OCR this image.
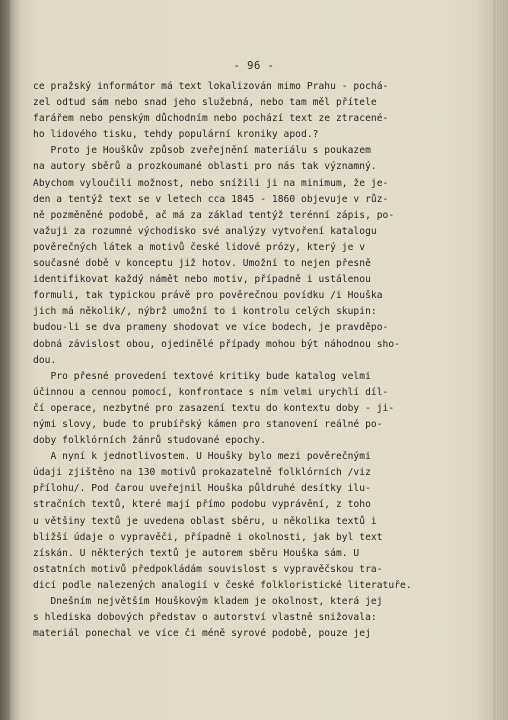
- 96 -
ce pražský informátor má text lokalizován mimo Prahu - pochá-
zel odtud sám nebo snad jeho služebná, nebo tam měl přítele
farářem nebo penským důchodním nebo pochází text ze ztracené-
ho lidového tisku, tehdy populární kroniky apod.?
Proto je Houškův způsob zveřejnění materiálu s poukazem
na autory sběrů a prozkoumané oblasti pro nás tak významný.
Abychom vyloučili možnost, nebo snížili ji na minimum, že je-
den a tentýž text se v letech cca 1845 - 1860 objevuje v růz-
ně pozměněné podobě, ač má za základ tentýž terénní zápis, po-
važuji za rozumné východisko své analýzy vytvoření katalogu
pověrečných látek a motivů české lidové prózy, který je v
současné době v konceptu již hotov. Umožní to nejen přesně
identifikovat každý námět nebo motiv, případně i ustálenou
formuli, tak typickou právě pro pověrečnou povídku /i Houška
jich má několik/, nýbrž umožní to i kontrolu celých skupin:
budou-li se dva prameny shodovat ve více bodech, je pravděpo-
dobná závislost obou, ojedinělé případy mohou být náhodnou sho-
dou.
Pro přesné provedení textové kritiky bude katalog velmi
účinnou a cennou pomocí, konfrontace s ním velmi urychlí díl-
čí operace, nezbytné pro zasazení textu do kontextu doby - ji-
nými slovy, bude to prubířský kámen pro stanovení reálné po-
doby folklórních žánrů studované epochy.
A nyní k jednotlivostem. U Houšky bylo mezi pověrečnými
údaji zjištěno na 130 motivů prokazatelně folklórních /viz
přílohu/. Pod čarou uveřejnil Houška půldruhé desítky ilu-
stračních textů, které mají přímo podobu vyprávění, z toho
u většiny textů je uvedena oblast sběru, u několika textů i
bližší údaje o vypravěči, případně i okolnosti, jak byl text
získán. U některých textů je autorem sběru Houška sám. U
ostatních motivů předpokládám souvislost s vypravěčskou tra-
dicí podle nalezených analogií v české folkloristické literatuře.
Dnešním největším Houškovým kladem je okolnost, která jej
s hlediska dobových představ o autorství vlastně snižovala:
materiál ponechal ve více či méně syrové podobě, pouze jej
